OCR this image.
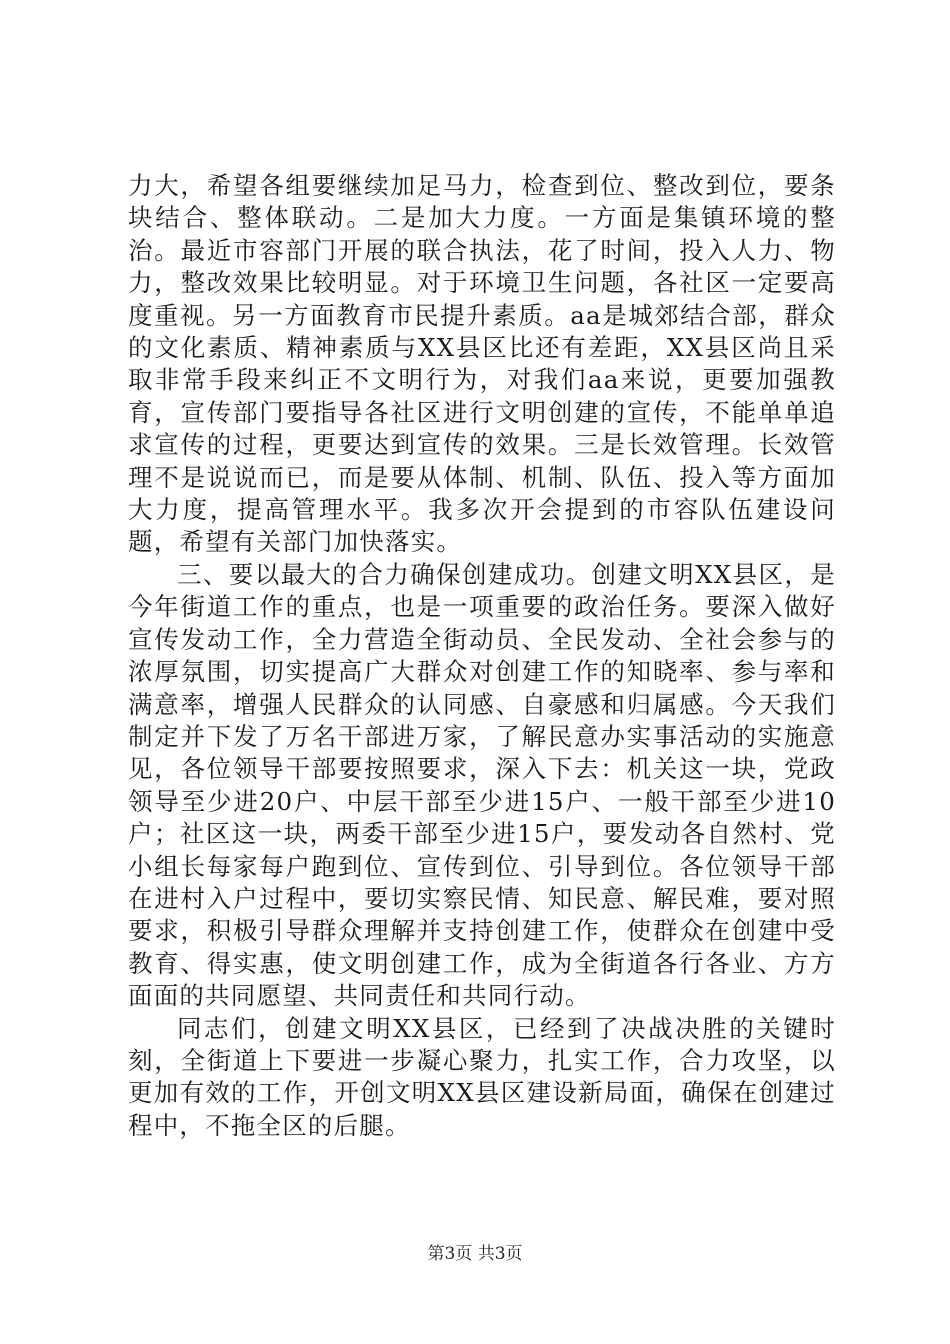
力大，希望各组要继续加足马力，检查到位、整改到位，要条块结合、整体联动。二是加大力度。一方面是集镇环境的整治。最近市容部门开展的联合执法，花了时间，投入人力、物力，整改效果比较明显。对于环境卫生问题，各社区一定要高度重视。另一方面教育市民提升素质。aa是城郊结合部，群众的文化素质、精神素质与XX县区比还有差距，XX县区尚且采取非常手段来纠正不文明行为，对我们aa来说，更要加强教育，宣传部门要指导各社区进行文明创建的宣传，不能单单追求宣传的过程，更要达到宣传的效果。三是长效管理。长效管理不是说说而已，而是要从体制、机制、队伍、投入等方面加大力度，提高管理水平。我多次开会提到的市容队伍建设问题，希望有关部门加快落实。

三、要以最大的合力确保创建成功。创建文明XX县区，是今年街道工作的重点，也是一项重要的政治任务。要深入做好宣传发动工作，全力营造全街动员、全民发动、全社会参与的浓厚氛围，切实提高广大群众对创建工作的知晓率、参与率和满意率，增强人民群众的认同感、自豪感和归属感。今天我们制定并下发了万名干部进万家，了解民意办实事活动的实施意见，各位领导干部要按照要求，深入下去：机关这一块，党政领导至少进20户、中层干部至少进15户、一般干部至少进10户；社区这一块，两委干部至少进15户，要发动各自然村、党小组长每家每户跑到位、宣传到位、引导到位。各位领导干部在进村入户过程中，要切实察民情、知民意、解民难，要对照要求，积极引导群众理解并支持创建工作，使群众在创建中受教育、得实惠，使文明创建工作，成为全街道各行各业、方方面面的共同愿望、共同责任和共同行动。

同志们，创建文明XX县区，已经到了决战决胜的关键时刻，全街道上下要进一步凝心聚力，扎实工作，合力攻坚，以更加有效的工作，开创文明XX县区建设新局面，确保在创建过程中，不拖全区的后腿。

第3页 共3页
